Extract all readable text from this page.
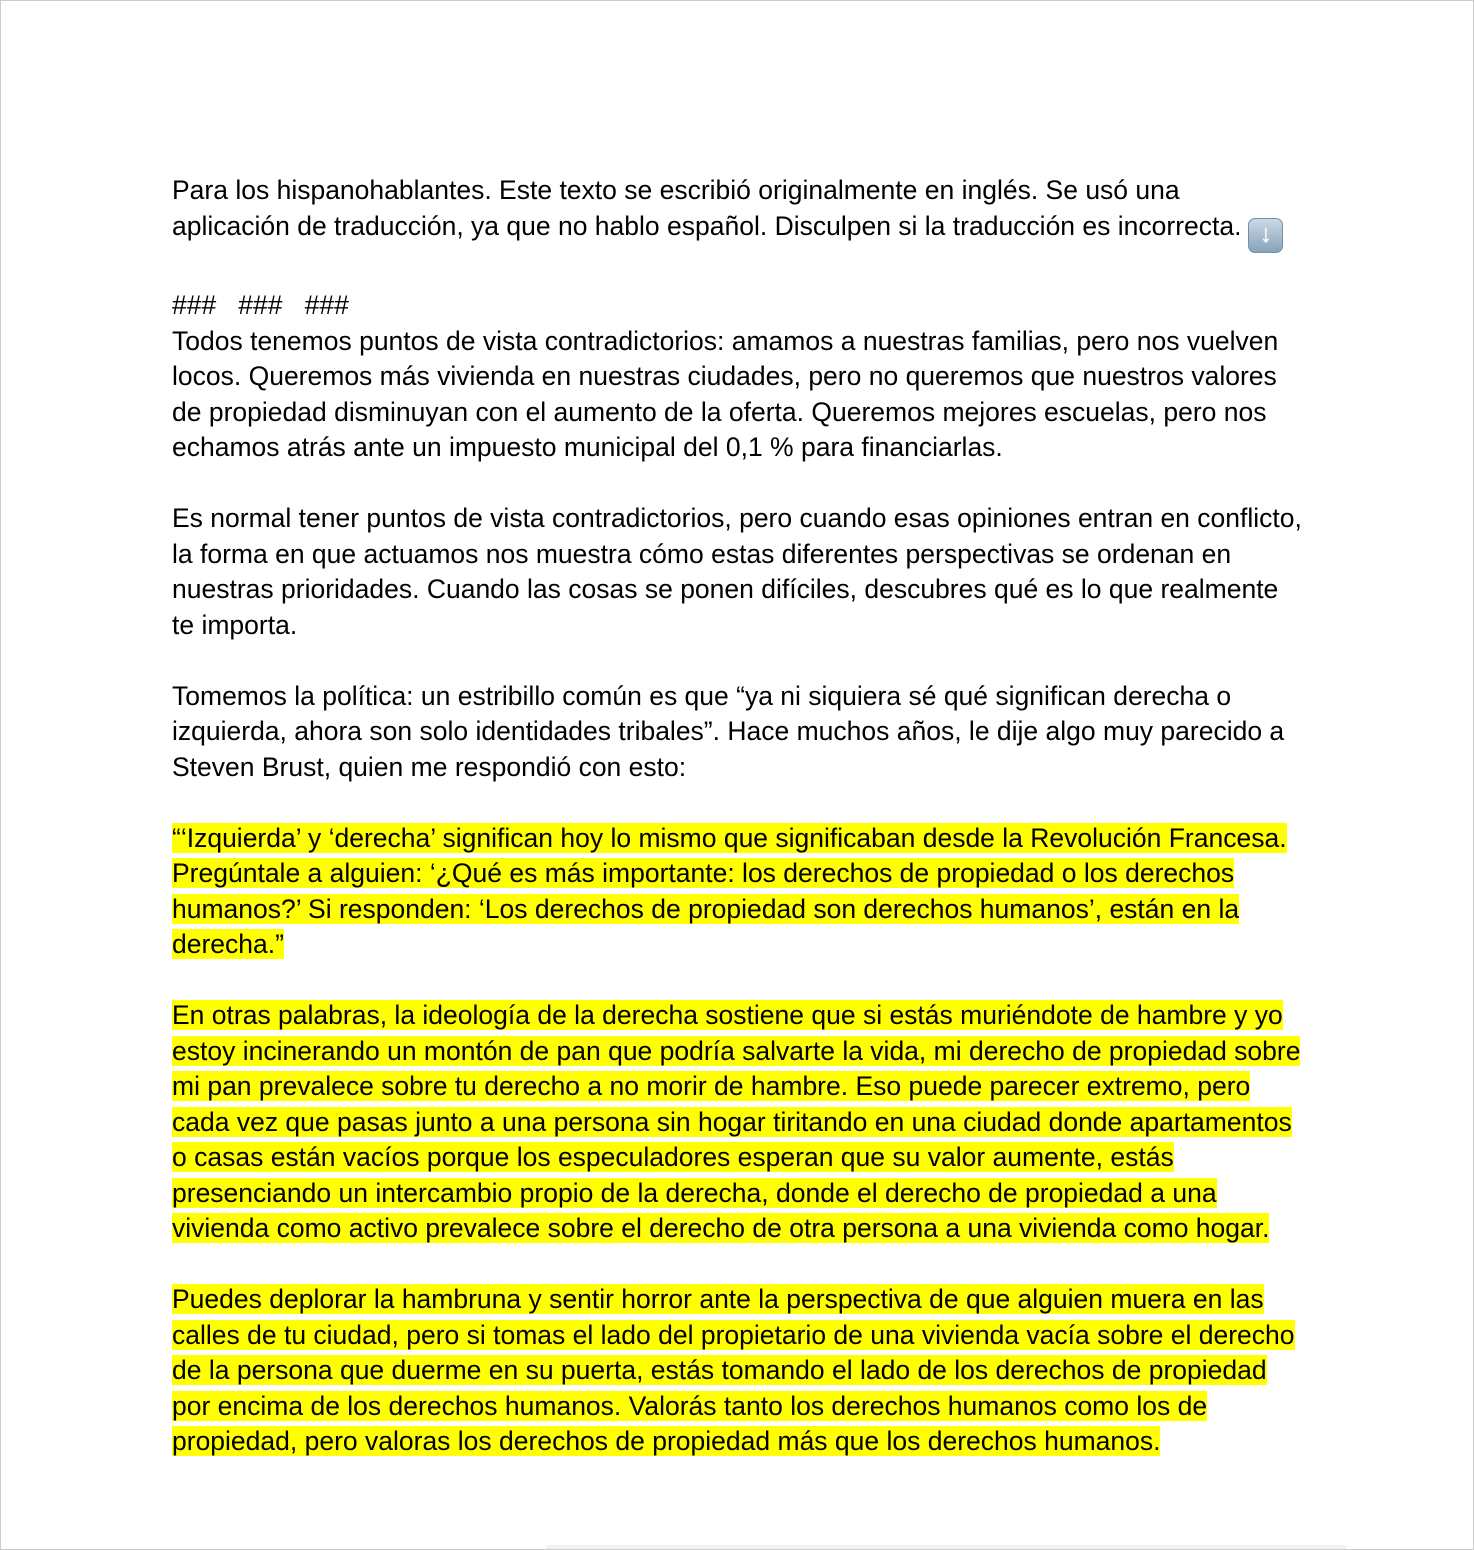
Para los hispanohablantes. Este texto se escribió originalmente en inglés. Se usó una aplicación de traducción, ya que no hablo español. Disculpen si la traducción es incorrecta. ↓

###   ###   ###

Todos tenemos puntos de vista contradictorios: amamos a nuestras familias, pero nos vuelven locos. Queremos más vivienda en nuestras ciudades, pero no queremos que nuestros valores de propiedad disminuyan con el aumento de la oferta. Queremos mejores escuelas, pero nos echamos atrás ante un impuesto municipal del 0,1 % para financiarlas.

Es normal tener puntos de vista contradictorios, pero cuando esas opiniones entran en conflicto, la forma en que actuamos nos muestra cómo estas diferentes perspectivas se ordenan en nuestras prioridades. Cuando las cosas se ponen difíciles, descubres qué es lo que realmente te importa.

Tomemos la política: un estribillo común es que “ya ni siquiera sé qué significan derecha o izquierda, ahora son solo identidades tribales”. Hace muchos años, le dije algo muy parecido a Steven Brust, quien me respondió con esto:

“‘Izquierda’ y ‘derecha’ significan hoy lo mismo que significaban desde la Revolución Francesa. Pregúntale a alguien: ‘¿Qué es más importante: los derechos de propiedad o los derechos humanos?’ Si responden: ‘Los derechos de propiedad son derechos humanos’, están en la derecha.”

En otras palabras, la ideología de la derecha sostiene que si estás muriéndote de hambre y yo estoy incinerando un montón de pan que podría salvarte la vida, mi derecho de propiedad sobre mi pan prevalece sobre tu derecho a no morir de hambre. Eso puede parecer extremo, pero cada vez que pasas junto a una persona sin hogar tiritando en una ciudad donde apartamentos o casas están vacíos porque los especuladores esperan que su valor aumente, estás presenciando un intercambio propio de la derecha, donde el derecho de propiedad a una vivienda como activo prevalece sobre el derecho de otra persona a una vivienda como hogar.

Puedes deplorar la hambruna y sentir horror ante la perspectiva de que alguien muera en las calles de tu ciudad, pero si tomas el lado del propietario de una vivienda vacía sobre el derecho de la persona que duerme en su puerta, estás tomando el lado de los derechos de propiedad por encima de los derechos humanos. Valorás tanto los derechos humanos como los de propiedad, pero valoras los derechos de propiedad más que los derechos humanos.
